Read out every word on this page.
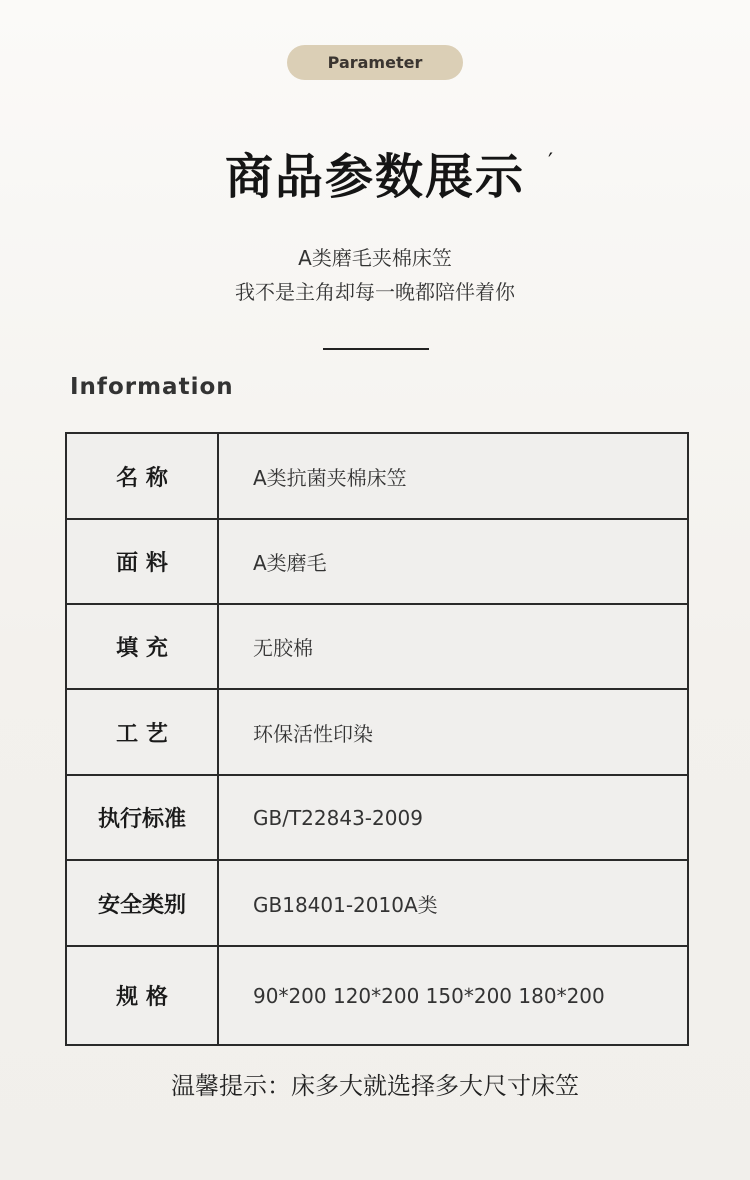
Parameter
商品参数展示	′
A类磨毛夹棉床笠
我不是主角却每一晚都陪伴着你
Information
名 称	A类抗菌夹棉床笠
面 料	A类磨毛
填 充	无胶棉
工 艺	环保活性印染
执行标准	GB/T22843-2009
安全类别	GB18401-2010A类
规 格	90*200 120*200 150*200 180*200
温馨提示：床多大就选择多大尺寸床笠
